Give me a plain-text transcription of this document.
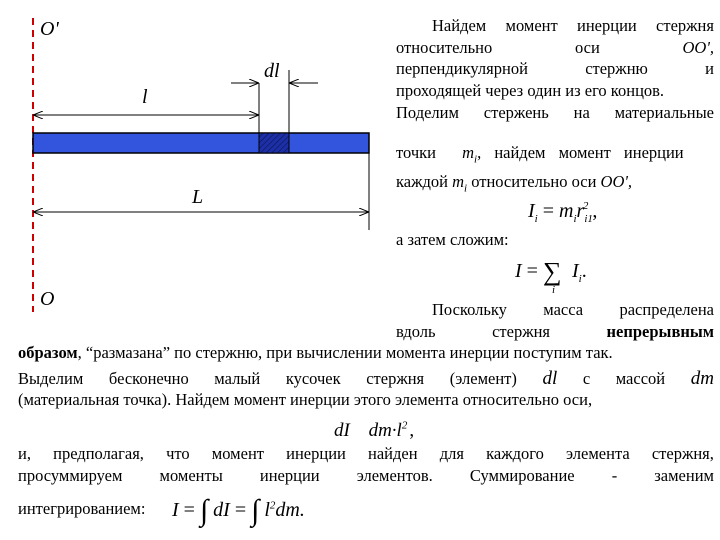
O'
O
dl
l
L
Найдем момент инерции стержня
относительно	оси	OO',
перпендикулярной	стержню	и
проходящей через один из его концов.
Поделим стержень на материальные
точки $m_i$, найдем момент инерции
каждой $m_i$ относительно оси OO',
$I_i = m_ir_{i1}^2$ ,
а затем сложим:
I = ∑
i
$I_i$.
Поскольку масса распределена
вдоль	стержня	непрерывным
образом, “размазана” по стержню, при вычислении момента инерции поступим так.
Выделим бесконечно малый кусочек стержня (элемент) dl с массой dm
(материальная точка). Найдем момент инерции этого элемента относительно оси,
dI $dm\cdot l^2$ ,
и, предполагая, что момент инерции найден для каждого элемента стержня,
просуммируем моменты инерции элементов. Суммирование - заменим
интегрированием: I = ∫ dI = ∫ $l^2dm$.
